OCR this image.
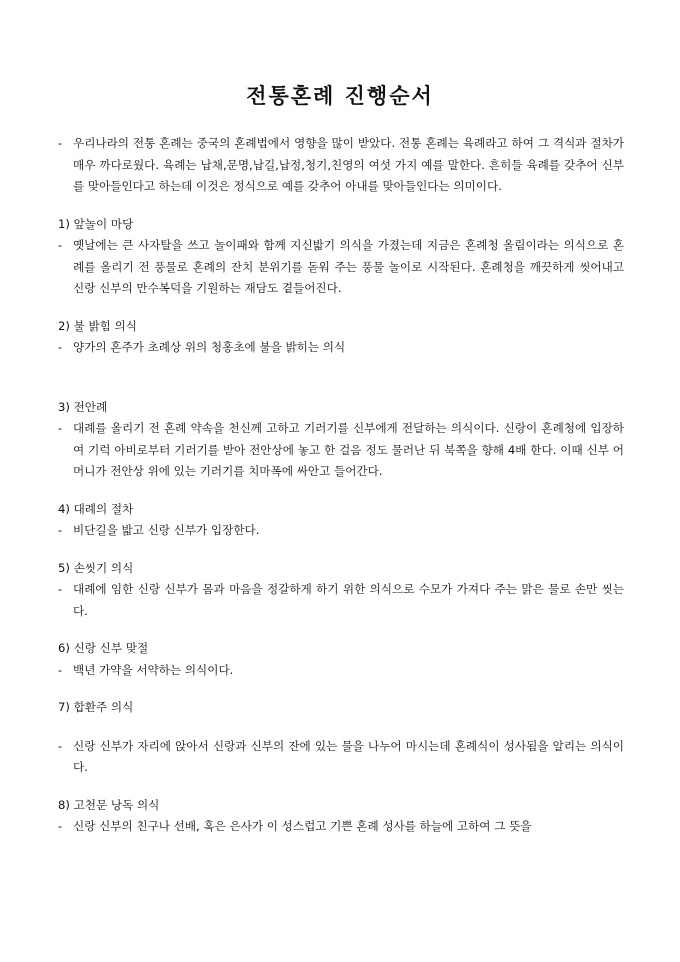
전통혼례 진행순서
- 우리나라의 전통 혼례는 중국의 혼례법에서 영향을 많이 받았다. 전통 혼례는 육례라고 하여 그 격식과 절차가 매우 까다로웠다. 육례는 납채,문명,납길,납정,청기,친영의 여섯 가지 예를 말한다. 흔히들 육례를 갖추어 신부를 맞아들인다고 하는데 이것은 정식으로 예를 갖추어 아내를 맞아들인다는 의미이다.

1) 앞놀이 마당

- 옛날에는 큰 사자탈을 쓰고 놀이패와 함께 지신밟기 의식을 가졌는데 지금은 혼례청 올림이라는 의식으로 혼례를 올리기 전 풍물로 혼례의 잔치 분위기를 돋워 주는 풍물 놀이로 시작된다. 혼례청을 깨끗하게 씻어내고 신랑 신부의 만수복덕을 기원하는 재담도 곁들어진다.

2) 불 밝힘 의식

- 양가의 혼주가 초례상 위의 청홍초에 불을 밝히는 의식

3) 전안례

- 대례를 올리기 전 혼례 약속을 천신께 고하고 기러기를 신부에게 전달하는 의식이다. 신랑이 혼례청에 입장하여 기럭 아비로부터 기러기를 받아 전안상에 놓고 한 걸음 정도 물러난 뒤 북쪽을 향해 4배 한다. 이때 신부 어머니가 전안상 위에 있는 기러기를 치마폭에 싸안고 들어간다.

4) 대례의 절차

- 비단길을 밟고 신랑 신부가 입장한다.

5) 손씻기 의식

- 대례에 임한 신랑 신부가 몸과 마음을 정갈하게 하기 위한 의식으로 수모가 가져다 주는 맑은 물로 손만 씻는다.

6) 신랑 신부 맞절

- 백년 가약을 서약하는 의식이다.

7) 합환주 의식

- 신랑 신부가 자리에 앉아서 신랑과 신부의 잔에 있는 물을 나누어 마시는데 혼례식이 성사됨을 알리는 의식이다.

8) 고천문 낭독 의식

- 신랑 신부의 친구나 선배, 혹은 은사가 이 성스럽고 기쁜 혼례 성사를 하늘에 고하여 그 뜻을
